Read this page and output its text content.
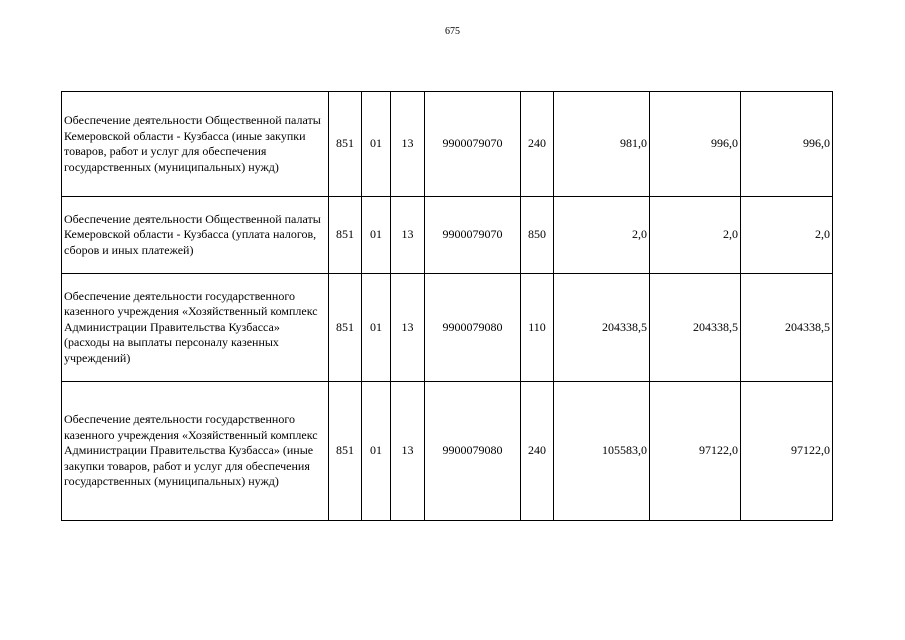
675
Обеспечение деятельности Общественной палаты Кемеровской области - Кузбасса (иные закупки товаров, работ и услуг для обеспечения государственных (муниципальных) нужд)	851	01	13	9900079070	240	981,0	996,0	996,0
Обеспечение деятельности Общественной палаты Кемеровской области - Кузбасса (уплата налогов, сборов и иных платежей)	851	01	13	9900079070	850	2,0	2,0	2,0
Обеспечение деятельности государственного казенного учреждения «Хозяйственный комплекс Администрации Правительства Кузбасса» (расходы на выплаты персоналу казенных учреждений)	851	01	13	9900079080	110	204338,5	204338,5	204338,5
Обеспечение деятельности государственного казенного учреждения «Хозяйственный комплекс Администрации Правительства Кузбасса» (иные закупки товаров, работ и услуг для обеспечения государственных (муниципальных) нужд)	851	01	13	9900079080	240	105583,0	97122,0	97122,0
